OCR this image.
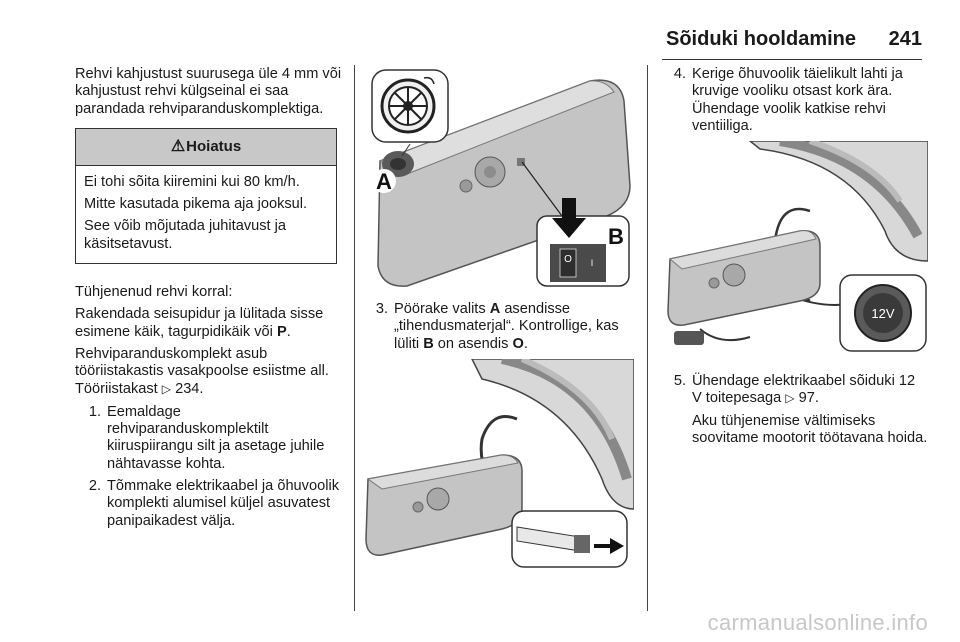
Sõiduki hooldamine 241

Rehvi kahjustust suurusega üle 4 mm või kahjustust rehvi külgseinal ei saa parandada rehviparanduskomplektiga.

⚠ Hoiatus

Ei tohi sõita kiiremini kui 80 km/h.

Mitte kasutada pikema aja jooksul.

See võib mõjutada juhitavust ja käsitsetavust.

Tühjenenud rehvi korral:

Rakendada seisupidur ja lülitada sisse esimene käik, tagurpidikäik või P.

Rehviparanduskomplekt asub tööriistakastis vasakpoolse esiistme all. Tööriistakast ▷ 234.

1. Eemaldage rehviparanduskomplektilt kiiruspiirangu silt ja asetage juhile nähtavasse kohta.
2. Tõmmake elektrikaabel ja õhuvoolik komplekti alumisel küljel asuvatest panipaikadest välja.
A
O I
B
3. Pöörake valits A asendisse „tihendusmaterjal“. Kontrollige, kas lüliti B on asendis O.
4. Kerige õhuvoolik täielikult lahti ja kruvige vooliku otsast kork ära. Ühendage voolik katkise rehvi ventiiliga.
12V
5. Ühendage elektrikaabel sõiduki 12 V toitepesaga ▷ 97.
Aku tühjenemise vältimiseks soovitame mootorit töötavana hoida.
carmanualsonline.info
